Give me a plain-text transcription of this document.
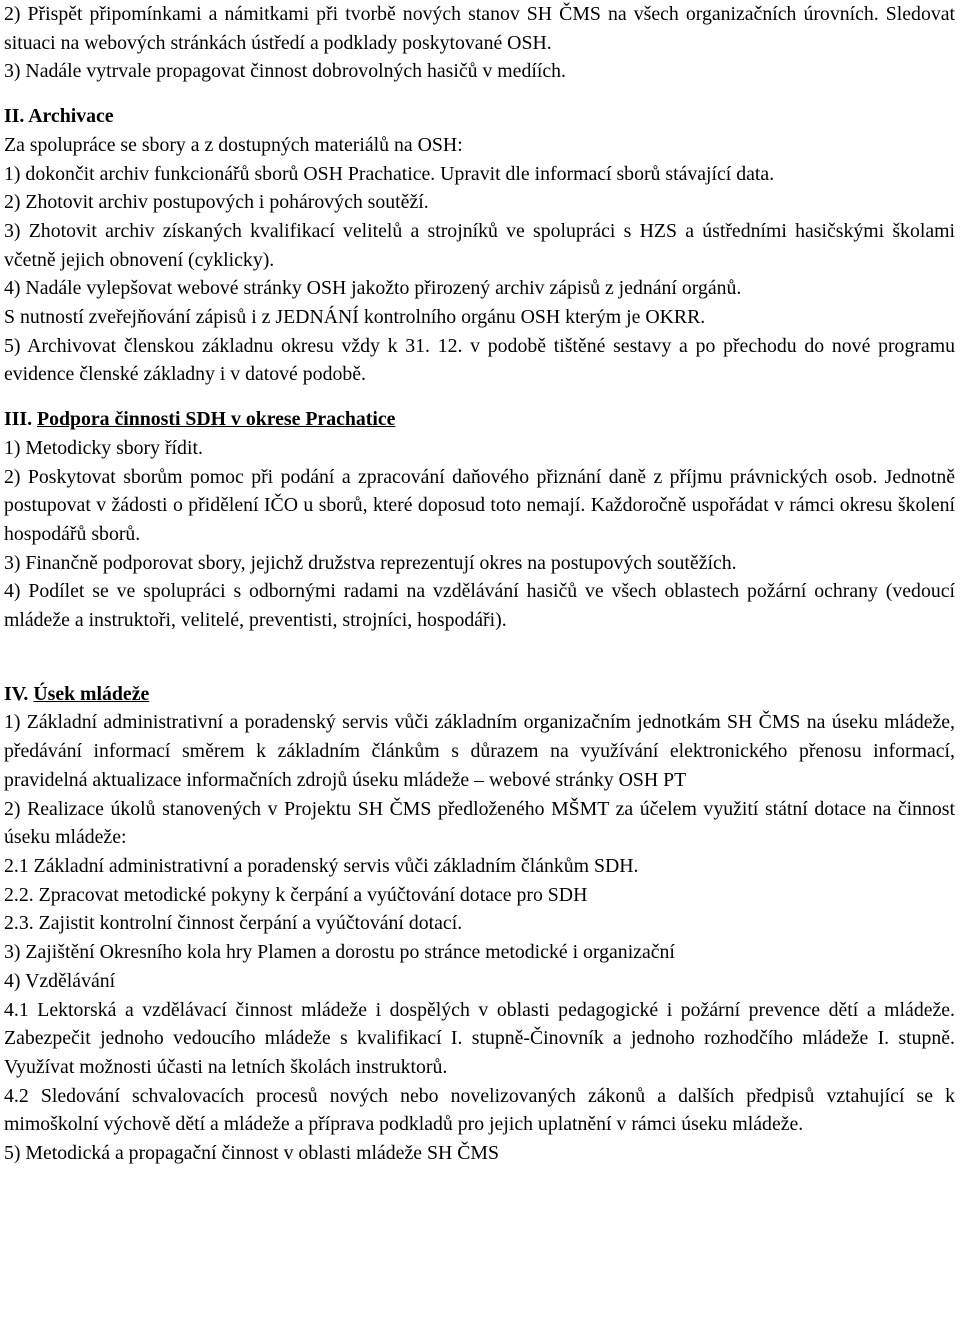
2) Přispět připomínkami a námitkami při tvorbě nových stanov SH ČMS na všech organizačních úrovních. Sledovat situaci na webových stránkách ústředí a podklady poskytované OSH.

3) Nadále vytrvale propagovat činnost dobrovolných hasičů v medíích.

II. Archivace

Za spolupráce se sbory a z dostupných materiálů na OSH:

1) dokončit archiv funkcionářů sborů OSH Prachatice. Upravit dle informací sborů stávající data.

2) Zhotovit archiv postupových i pohárových soutěží.

3) Zhotovit archiv získaných kvalifikací velitelů a strojníků ve spolupráci s HZS a ústředními hasičskými školami včetně jejich obnovení (cyklicky).

4) Nadále vylepšovat webové stránky OSH jakožto přirozený archiv zápisů z jednání orgánů.

S nutností zveřejňování zápisů i z JEDNÁNÍ kontrolního orgánu OSH kterým je OKRR.

5) Archivovat členskou základnu okresu vždy k 31. 12. v podobě tištěné sestavy a po přechodu do nové programu evidence členské základny i v datové podobě.

III. Podpora činnosti SDH v okrese Prachatice

1) Metodicky sbory řídit.

2) Poskytovat sborům pomoc při podání a zpracování daňového přiznání daně z příjmu právnických osob. Jednotně postupovat v žádosti o přidělení IČO u sborů, které doposud toto nemají. Každoročně uspořádat v rámci okresu školení hospodářů sborů.

3) Finančně podporovat sbory, jejichž družstva reprezentují okres na postupových soutěžích.

4) Podílet se ve spolupráci s odbornými radami na vzdělávání hasičů ve všech oblastech požární ochrany (vedoucí mládeže a instruktoři, velitelé, preventisti, strojníci, hospodáři).

IV. Úsek mládeže

1) Základní administrativní a poradenský servis vůči základním organizačním jednotkám SH ČMS na úseku mládeže, předávání informací směrem k základním článkům s důrazem na využívání elektronického přenosu informací, pravidelná aktualizace informačních zdrojů úseku mládeže – webové stránky OSH PT

2) Realizace úkolů stanovených v Projektu SH ČMS předloženého MŠMT za účelem využití státní dotace na činnost úseku mládeže:

2.1 Základní administrativní a poradenský servis vůči základním článkům SDH.

2.2. Zpracovat metodické pokyny k čerpání a vyúčtování dotace pro SDH

2.3. Zajistit kontrolní činnost čerpání a vyúčtování dotací.

3) Zajištění Okresního kola hry Plamen a dorostu po stránce metodické i organizační

4) Vzdělávání

4.1 Lektorská a vzdělávací činnost mládeže i dospělých v oblasti pedagogické i požární prevence dětí a mládeže. Zabezpečit jednoho vedoucího mládeže s kvalifikací I. stupně-Činovník a jednoho rozhodčího mládeže I. stupně. Využívat možnosti účasti na letních školách instruktorů.

4.2 Sledování schvalovacích procesů nových nebo novelizovaných zákonů a dalších předpisů vztahující se k mimoškolní výchově dětí a mládeže a příprava podkladů pro jejich uplatnění v rámci úseku mládeže.

5) Metodická a propagační činnost v oblasti mládeže SH ČMS
